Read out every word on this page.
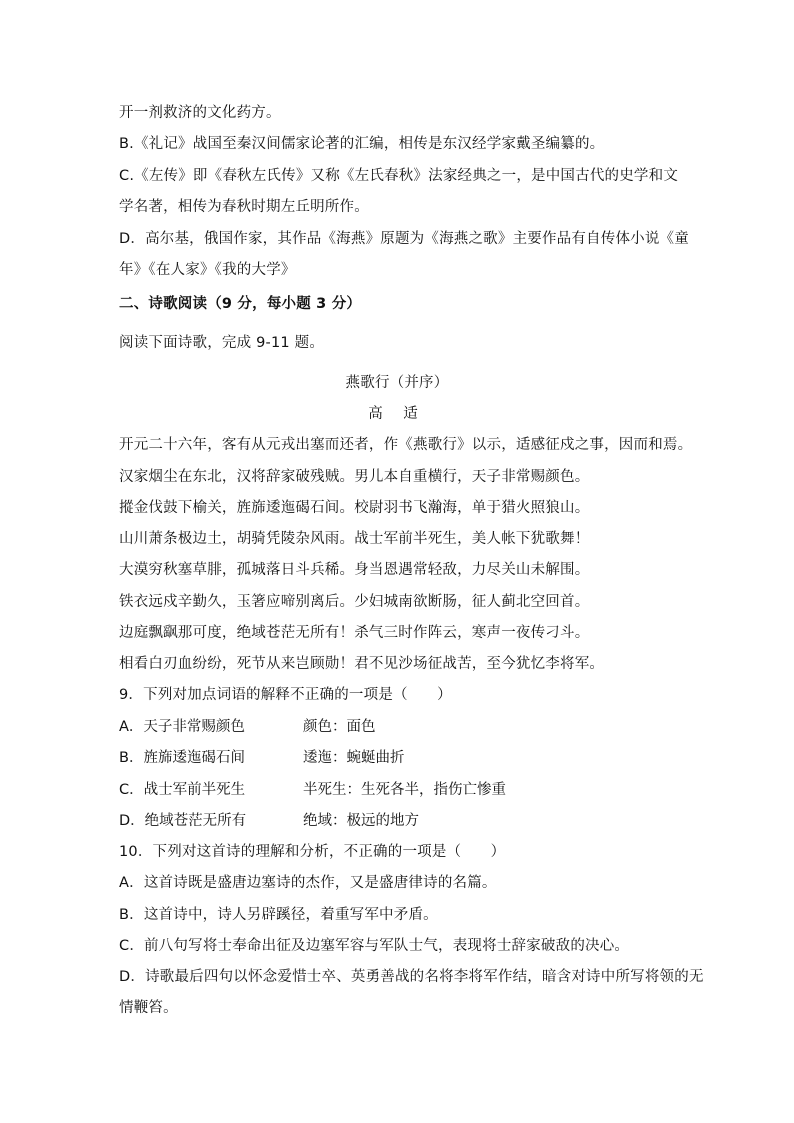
开一剂救济的文化药方。
B.《礼记》战国至秦汉间儒家论著的汇编，相传是东汉经学家戴圣编纂的。
C.《左传》即《春秋左氏传》又称《左氏春秋》法家经典之一，是中国古代的史学和文
学名著，相传为春秋时期左丘明所作。
D．高尔基，俄国作家，其作品《海燕》原题为《海燕之歌》主要作品有自传体小说《童
年》《在人家》《我的大学》
二、诗歌阅读（9 分，每小题 3 分）
阅读下面诗歌，完成 9-11 题。
燕歌行（并序）
高 适
开元二十六年，客有从元戎出塞而还者，作《燕歌行》以示，适感征戍之事，因而和焉。
汉家烟尘在东北，汉将辞家破残贼。男儿本自重横行，天子非常赐颜色。
摐金伐鼓下榆关，旌旆逶迤碣石间。校尉羽书飞瀚海，单于猎火照狼山。
山川萧条极边土，胡骑凭陵杂风雨。战士军前半死生，美人帐下犹歌舞！
大漠穷秋塞草腓，孤城落日斗兵稀。身当恩遇常轻敌，力尽关山未解围。
铁衣远戍辛勤久，玉箸应啼别离后。少妇城南欲断肠，征人蓟北空回首。
边庭飘飖那可度，绝域苍茫无所有！杀气三时作阵云，寒声一夜传刁斗。
相看白刃血纷纷，死节从来岂顾勋！君不见沙场征战苦，至今犹忆李将军。
9．下列对加点词语的解释不正确的一项是（　　）
A．天子非常赐颜色	颜色：面色
B．旌旆逶迤碣石间	逶迤：蜿蜒曲折
C．战士军前半死生	半死生：生死各半，指伤亡惨重
D．绝域苍茫无所有	绝域：极远的地方
10．下列对这首诗的理解和分析，不正确的一项是（　　）
A．这首诗既是盛唐边塞诗的杰作，又是盛唐律诗的名篇。
B．这首诗中，诗人另辟蹊径，着重写军中矛盾。
C．前八句写将士奉命出征及边塞军容与军队士气，表现将士辞家破敌的决心。
D．诗歌最后四句以怀念爱惜士卒、英勇善战的名将李将军作结，暗含对诗中所写将领的无
情鞭笞。
